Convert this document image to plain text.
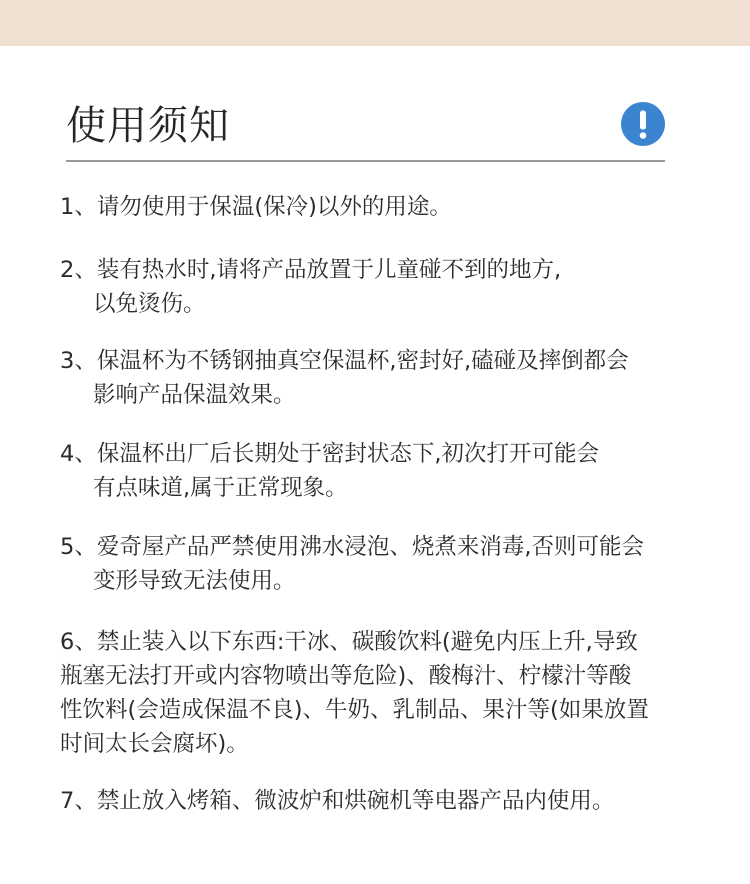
使用须知
1、请勿使用于保温(保冷)以外的用途。
2、装有热水时,请将产品放置于儿童碰不到的地方,
以免烫伤。
3、保温杯为不锈钢抽真空保温杯,密封好,磕碰及摔倒都会
影响产品保温效果。
4、保温杯出厂后长期处于密封状态下,初次打开可能会
有点味道,属于正常现象。
5、爱奇屋产品严禁使用沸水浸泡、烧煮来消毒,否则可能会
变形导致无法使用。
6、禁止装入以下东西:干冰、碳酸饮料(避免内压上升,导致
瓶塞无法打开或内容物喷出等危险)、酸梅汁、柠檬汁等酸
性饮料(会造成保温不良)、牛奶、乳制品、果汁等(如果放置
时间太长会腐坏)。
7、禁止放入烤箱、微波炉和烘碗机等电器产品内使用。
